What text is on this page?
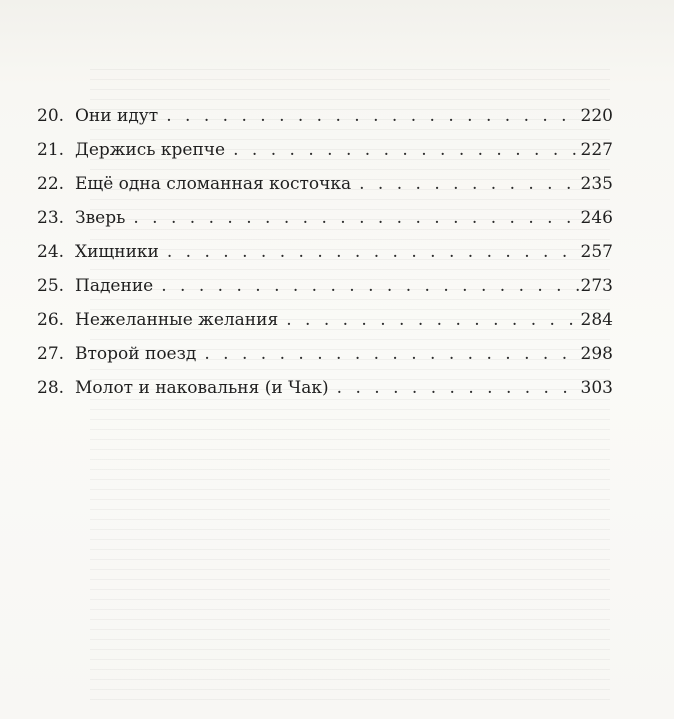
20. Они идут . . .	220
21. Держись крепче . . .	227
22. Ещё одна сломанная косточка . . .	235
23. Зверь . . .	246
24. Хищники . . .	257
25. Падение . . .	273
26. Нежеланные желания . . .	284
27. Второй поезд . . .	298
28. Молот и наковальня (и Чак) . . .	303
